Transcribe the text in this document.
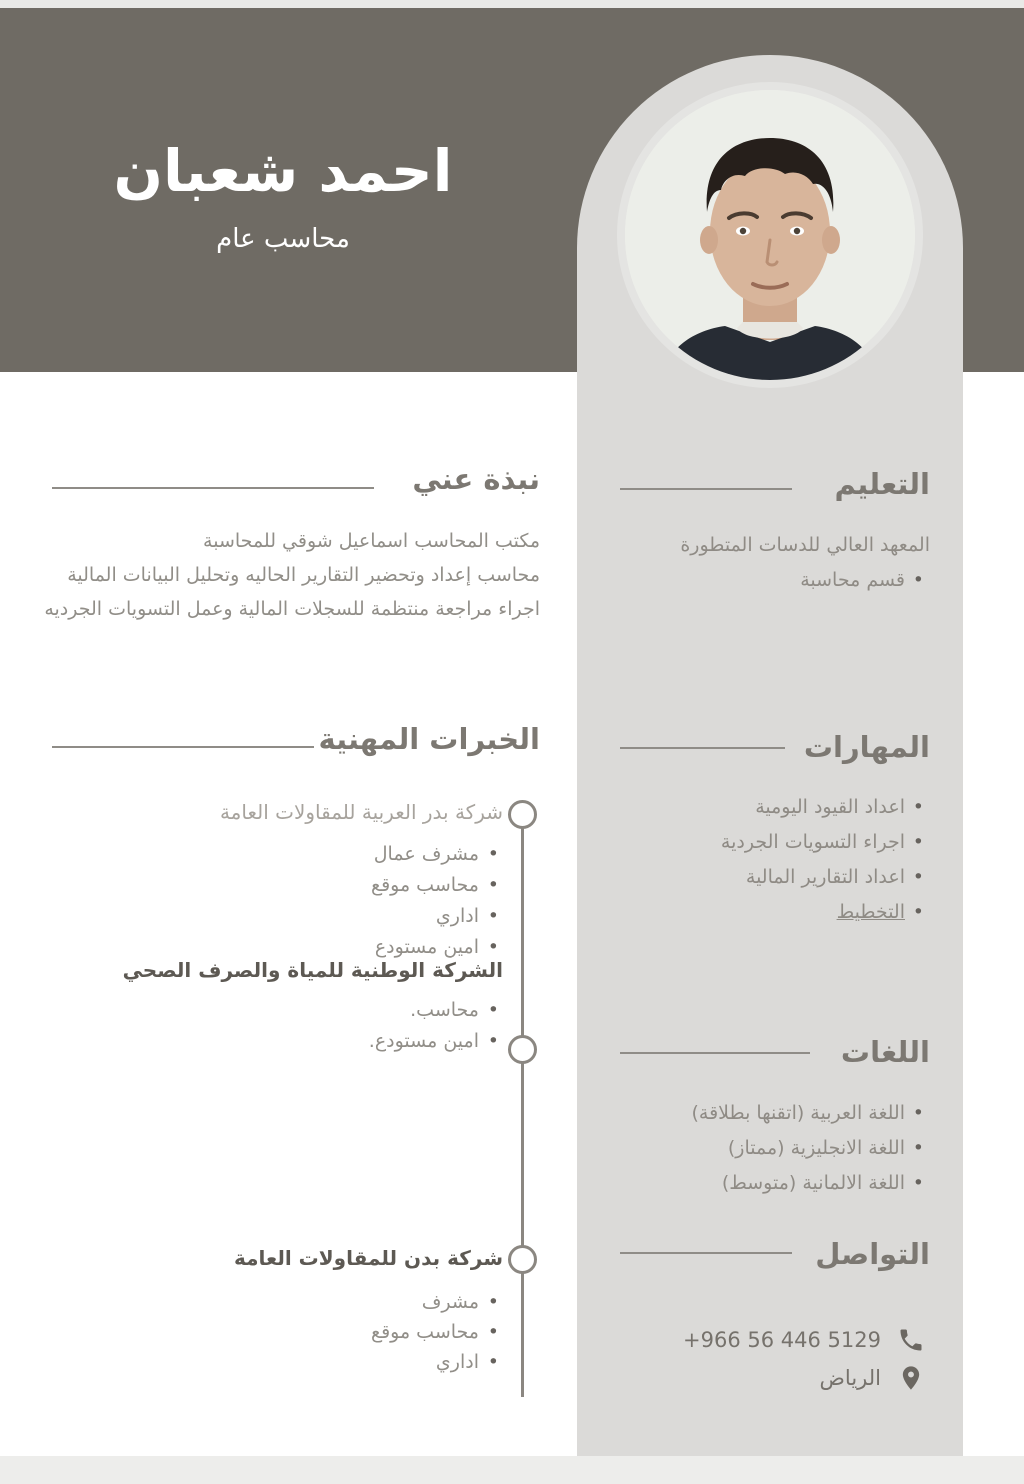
احمد شعبان
محاسب عام
نبذة عني
مكتب المحاسب اسماعيل شوقي للمحاسبة
محاسب إعداد وتحضير التقارير الحاليه وتحليل البيانات المالية
اجراء مراجعة منتظمة للسجلات المالية وعمل التسويات الجرديه
الخبرات المهنية
شركة بدر العربية للمقاولات العامة
• مشرف عمال
• محاسب موقع
• اداري
• امين مستودع
الشركة الوطنية للمياة والصرف الصحي
• محاسب.
• امين مستودع.
شركة بدن للمقاولات العامة
• مشرف
• محاسب موقع
• اداري
التعليم
المعهد العالي للدسات المتطورة
• قسم محاسبة
المهارات
• اعداد القيود اليومية
• اجراء التسويات الجردية
• اعداد التقارير المالية
• التخطيط
اللغات
• اللغة العربية (اتقنها بطلاقة)
• اللغة الانجليزية (ممتاز)
• اللغة الالمانية (متوسط)
التواصل
+966 56 446 5129
الرياض
